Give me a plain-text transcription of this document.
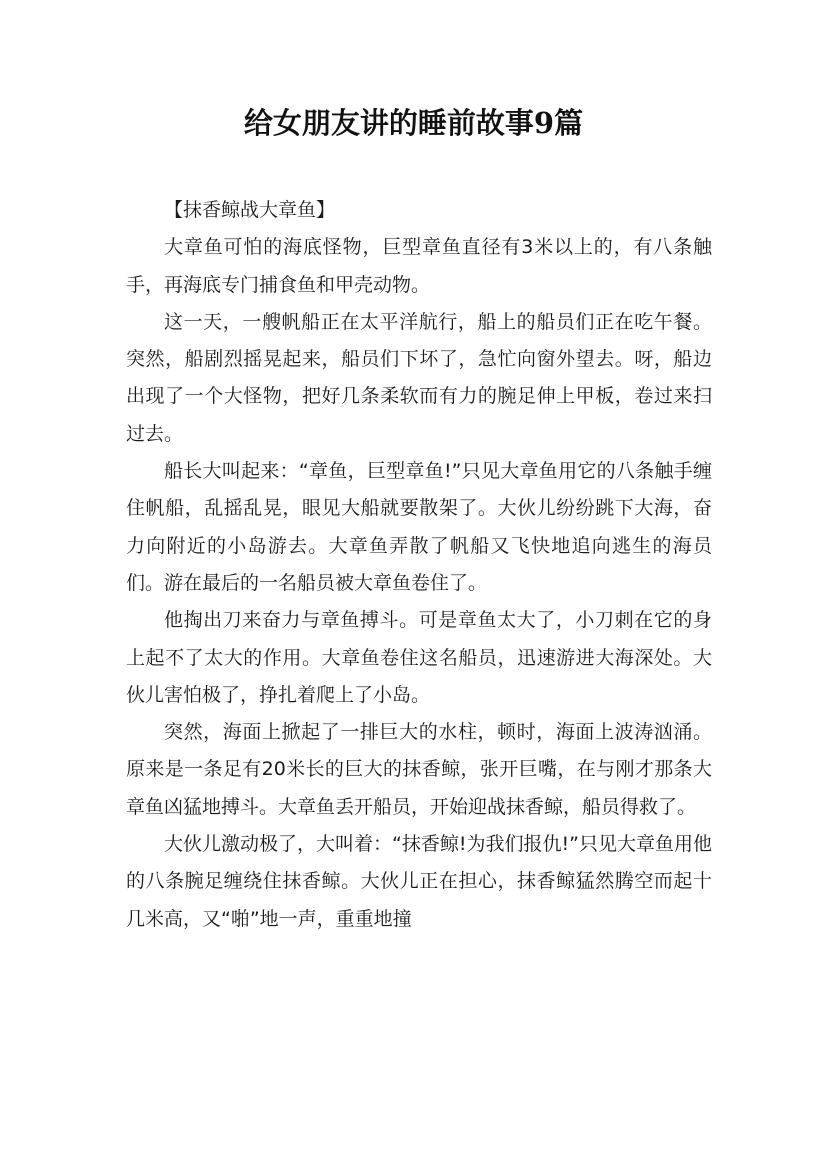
给女朋友讲的睡前故事9篇

【抹香鲸战大章鱼】

大章鱼可怕的海底怪物，巨型章鱼直径有3米以上的，有八条触手，再海底专门捕食鱼和甲壳动物。

这一天，一艘帆船正在太平洋航行，船上的船员们正在吃午餐。突然，船剧烈摇晃起来，船员们下坏了，急忙向窗外望去。呀，船边出现了一个大怪物，把好几条柔软而有力的腕足伸上甲板，卷过来扫过去。

船长大叫起来：“章鱼，巨型章鱼!”只见大章鱼用它的八条触手缠住帆船，乱摇乱晃，眼见大船就要散架了。大伙儿纷纷跳下大海，奋力向附近的小岛游去。大章鱼弄散了帆船又飞快地追向逃生的海员们。游在最后的一名船员被大章鱼卷住了。

他掏出刀来奋力与章鱼搏斗。可是章鱼太大了，小刀刺在它的身上起不了太大的作用。大章鱼卷住这名船员，迅速游进大海深处。大伙儿害怕极了，挣扎着爬上了小岛。

突然，海面上掀起了一排巨大的水柱，顿时，海面上波涛汹涌。原来是一条足有20米长的巨大的抹香鲸，张开巨嘴，在与刚才那条大章鱼凶猛地搏斗。大章鱼丢开船员，开始迎战抹香鲸，船员得救了。

大伙儿激动极了，大叫着：“抹香鲸!为我们报仇!”只见大章鱼用他的八条腕足缠绕住抹香鲸。大伙儿正在担心，抹香鲸猛然腾空而起十几米高，又“啪”地一声，重重地撞
